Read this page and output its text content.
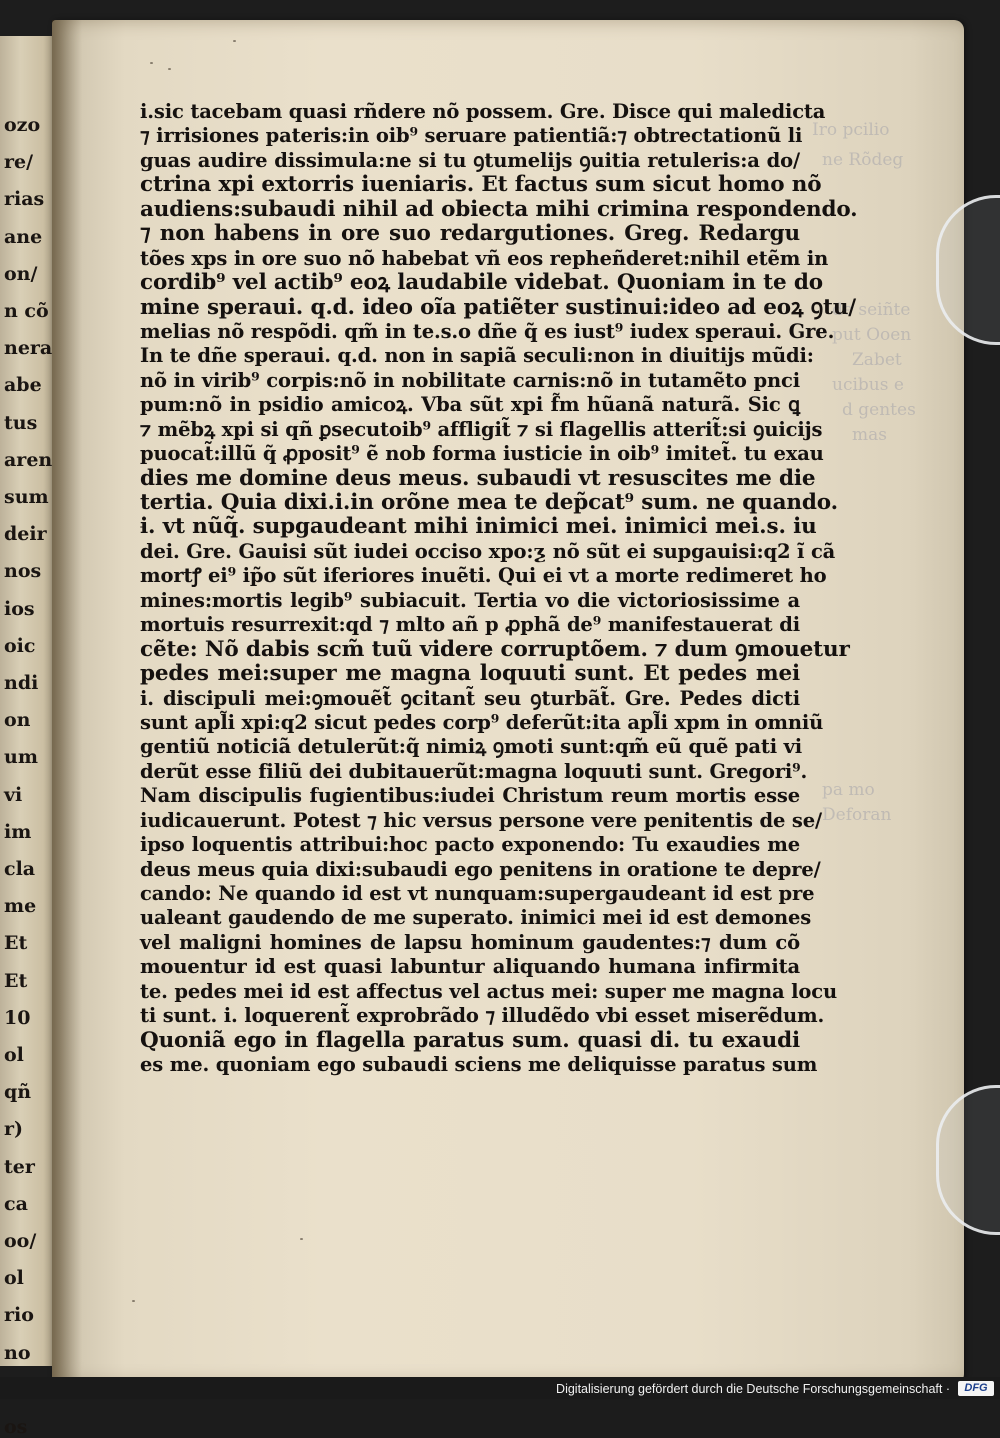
ozo
re/
rias
ane
on/
n cõ
nera
abe
tus
aren
sum
deir
nos
ios
oic
ndi
on
um
vi
im
cla
me
Et
Et
10
ol
qñ
r)
ter
ca
oo/
ol
rio
no
os
Iro pcilio
ne Rõdeg
de seiñte
put Ooen
Zabet
ucibus e
d gentes
mas
pa mo
Deforan
i.sic tacebam quasi rñdere nõ possem. Gre. Disce qui maledicta
⁊ irrisiones pateris:in oib⁹ seruare patientiã:⁊ obtrectationũ li
guas audire dissimula:ne si tu ꝯtumelijs ꝯuitia retuleris:a do/
ctrina xpi extorris iueniaris. Et factus sum sicut homo nõ
audiens:subaudi nihil ad obiecta mihi crimina respondendo.
⁊ non habens in ore suo redargutiones. Greg. Redargu
tões xps in ore suo nõ habebat vñ eos repheñderet:nihil etẽm in
cordib⁹ vel actib⁹ eoꝝ laudabile videbat. Quoniam in te do
mine speraui. q.d. ideo oĩa patiẽter sustinui:ideo ad eoꝝ ꝯtu/
melias nõ respõdi. qm̃ in te.s.o dñe q̃ es iust⁹ iudex speraui. Gre.
In te dñe speraui. q.d. non in sapiã seculi:non in diuitijs mũdi:
nõ in virib⁹ corpis:nõ in nobilitate carnis:nõ in tutamẽto pnci
pum:nõ in psidio amicoꝝ. Vba sũt xpi f̃m hũanã naturã. Sic ꝗ
⁊ mẽbꝝ xpi si qñ ꝑsecutoib⁹ affligit̃ ⁊ si flagellis atterit̃:si ꝯuicijs
puocat̃:illũ q̃ ꝓposit⁹ ẽ nob forma iusticie in oib⁹ imitet̃. tu exau
dies me domine deus meus. subaudi vt resuscites me die
tertia. Quia dixi.i.in orõne mea te dep̃cat⁹ sum. ne quando.
i. vt nũq̃. supgaudeant mihi inimici mei. inimici mei.s. iu
dei. Gre. Gauisi sũt iudei occiso xpo:ƺ nõ sũt ei supgauisi:q2 ĩ cã
mortꝭ ei⁹ ip̃o sũt iferiores inuẽti. Qui ei vt a morte redimeret ho
mines:mortis legib⁹ subiacuit. Tertia vo die victoriosissime a
mortuis resurrexit:qd ⁊ mlto añ p ꝓphã de⁹ manifestauerat di
cẽte: Nõ dabis scm̃ tuũ videre corruptõem. ⁊ dum ꝯmouetur
pedes mei:super me magna loquuti sunt. Et pedes mei
i. discipuli mei:ꝯmouẽt̃ ꝯcitant̃ seu ꝯturbãt̃. Gre. Pedes dicti
sunt apl̃i xpi:q2 sicut pedes corp⁹ deferũt:ita apl̃i xpm in omniũ
gentiũ noticiã detulerũt:q̃ nimiꝝ ꝯmoti sunt:qm̃ eũ quẽ pati vi
derũt esse filiũ dei dubitauerũt:magna loquuti sunt. Gregori⁹.
Nam discipulis fugientibus:iudei Christum reum mortis esse
iudicauerunt. Potest ⁊ hic versus persone vere penitentis de se/
ipso loquentis attribui:hoc pacto exponendo: Tu exaudies me
deus meus quia dixi:subaudi ego penitens in oratione te depre/
cando: Ne quando id est vt nunquam:supergaudeant id est pre
ualeant gaudendo de me superato. inimici mei id est demones
vel maligni homines de lapsu hominum gaudentes:⁊ dum cõ
mouentur id est quasi labuntur aliquando humana infirmita
te. pedes mei id est affectus vel actus mei: super me magna locu
ti sunt. i. loquerent̃ exprobrãdo ⁊ illudẽdo vbi esset miserẽdum.
Quoniã ego in flagella paratus sum. quasi di. tu exaudi
es me. quoniam ego subaudi sciens me deliquisse paratus sum
Digitalisierung gefördert durch die Deutsche Forschungsgemeinschaft ·	DFG
